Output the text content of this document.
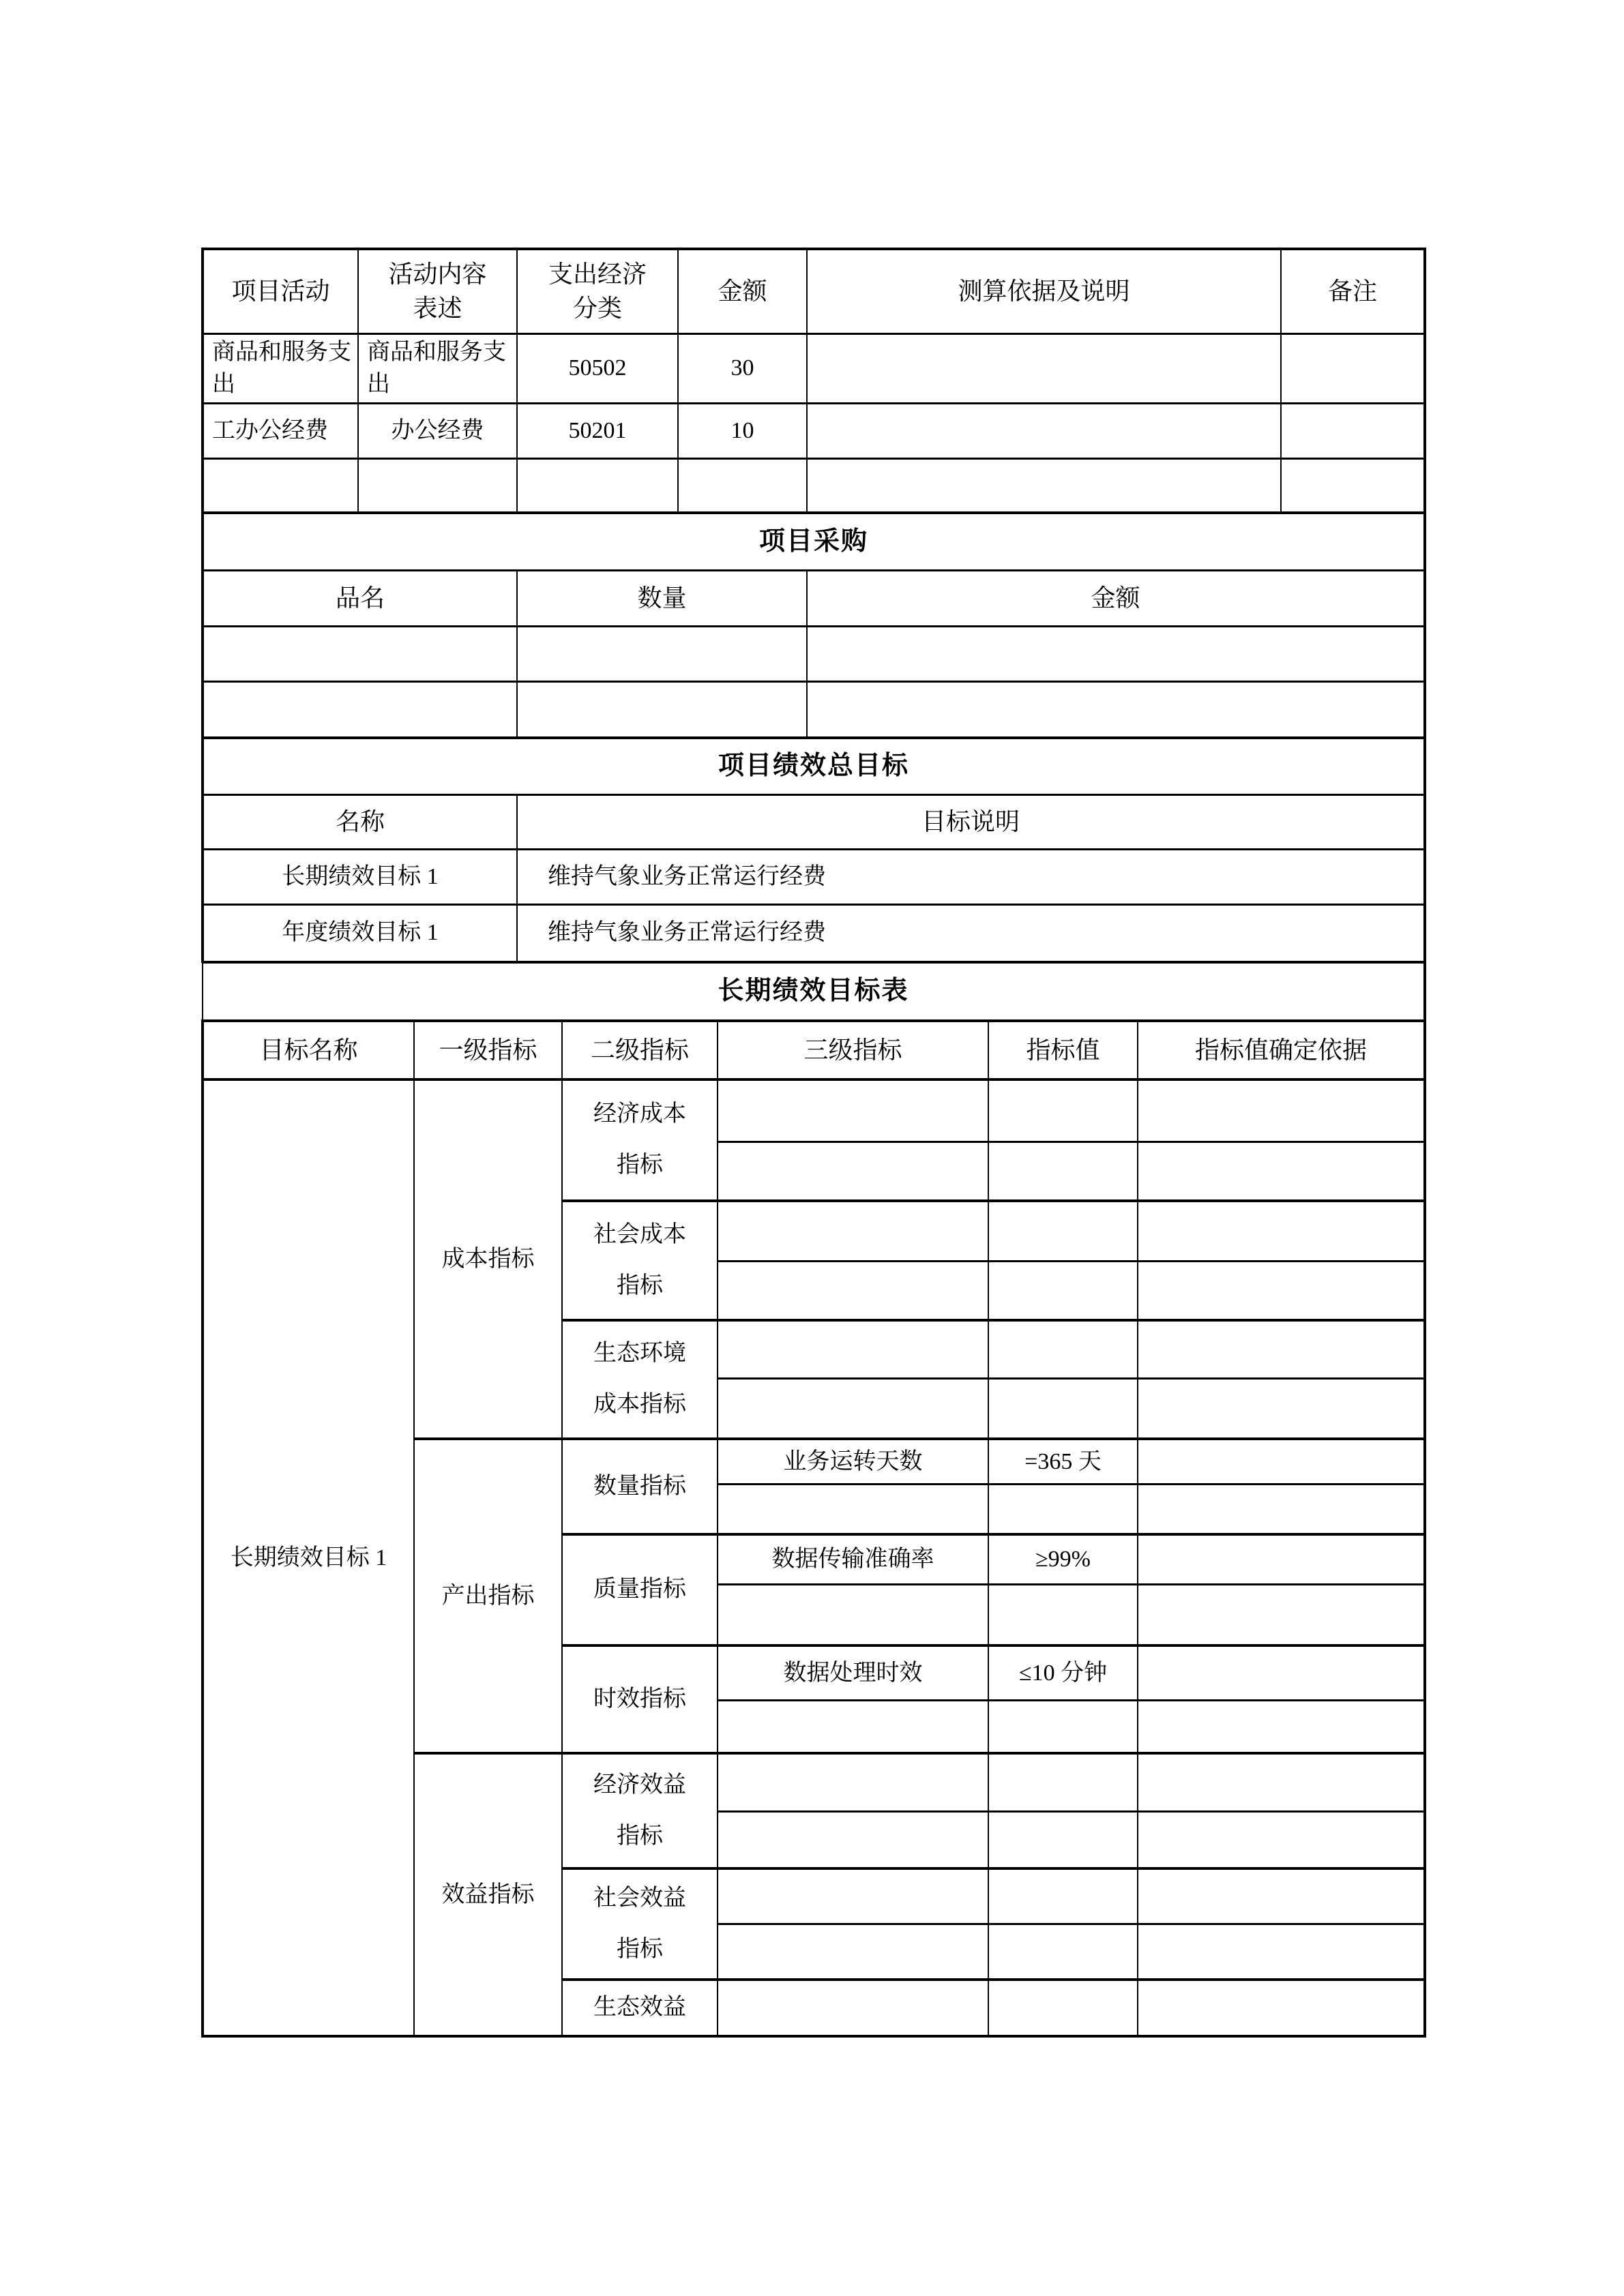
项目活动	活动内容表述	支出经济分类	金额	测算依据及说明	备注
商品和服务支出	商品和服务支出	50502	30		
工办公经费	办公经费	50201	10		

项目采购		
品名	数量	金额

项目绩效总目标	
名称	目标说明
长期绩效目标 1	维持气象业务正常运行经费
年度绩效目标 1	维持气象业务正常运行经费
长期绩效目标表					
目标名称	一级指标	二级指标	三级指标	指标值	指标值确定依据
长期绩效目标 1	成本指标	经济成本指标			

		社会成本指标			

		生态环境成本指标			

	产出指标	数量指标	业务运转天数	=365 天	

		质量指标	数据传输准确率	≥99%	

		时效指标	数据处理时效	≤10 分钟	

	效益指标	经济效益指标			

		社会效益指标			

		生态效益			
